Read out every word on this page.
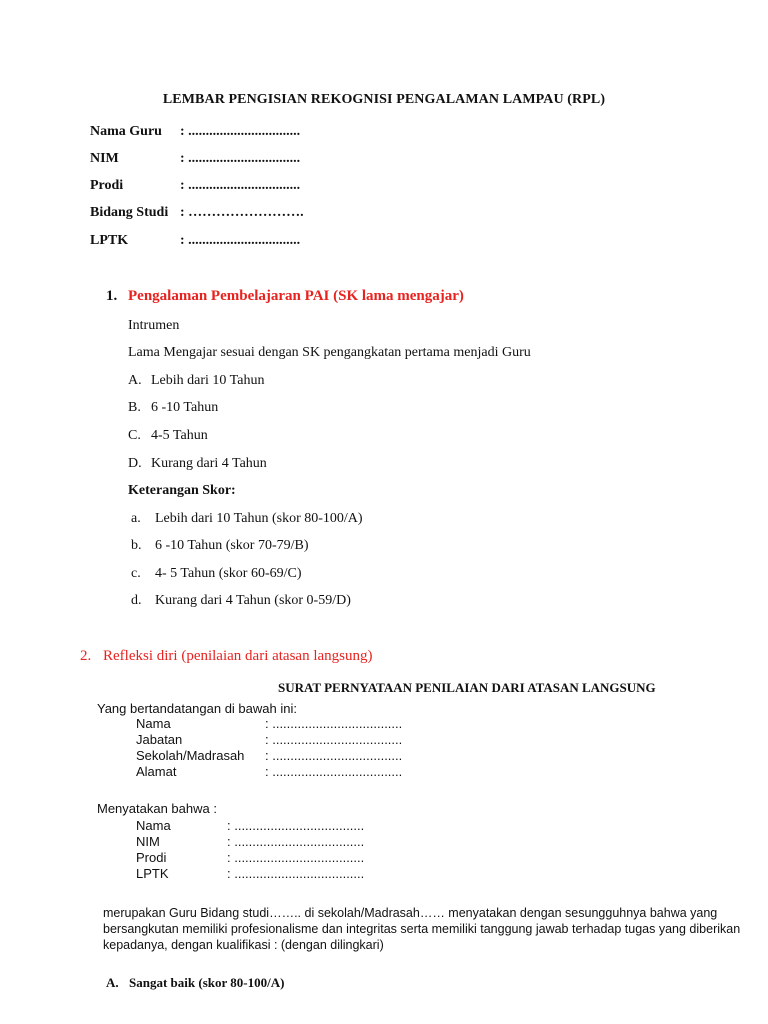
LEMBAR PENGISIAN REKOGNISI PENGALAMAN LAMPAU (RPL)
Nama Guru : ................................
NIM	: ................................
Prodi	: ................................
Bidang Studi : …………………….
LPTK	: ................................
1. Pengalaman Pembelajaran PAI (SK lama mengajar)
Intrumen
Lama Mengajar sesuai dengan SK pengangkatan pertama menjadi Guru
A. Lebih dari 10 Tahun
B. 6 -10 Tahun
C. 4-5 Tahun
D. Kurang dari 4 Tahun
Keterangan Skor:
a. Lebih dari 10 Tahun (skor 80-100/A)
b. 6 -10 Tahun (skor 70-79/B)
c. 4- 5 Tahun (skor 60-69/C)
d. Kurang dari 4 Tahun (skor 0-59/D)
2. Refleksi diri (penilaian dari atasan langsung)
SURAT PERNYATAAN PENILAIAN DARI ATASAN LANGSUNG
Yang bertandatangan di bawah ini:
Nama	: ....................................
Jabatan	: ....................................
Sekolah/Madrasah : ....................................
Alamat	: ....................................
Menyatakan bahwa :
Nama	: ....................................
NIM	: ....................................
Prodi	: ....................................
LPTK	: ....................................
merupakan Guru Bidang studi…….. di sekolah/Madrasah…… menyatakan dengan sesungguhnya bahwa yang
bersangkutan memiliki profesionalisme dan integritas serta memiliki tanggung jawab terhadap tugas yang diberikan
kepadanya, dengan kualifikasi : (dengan dilingkari)
A. Sangat baik (skor 80-100/A)
